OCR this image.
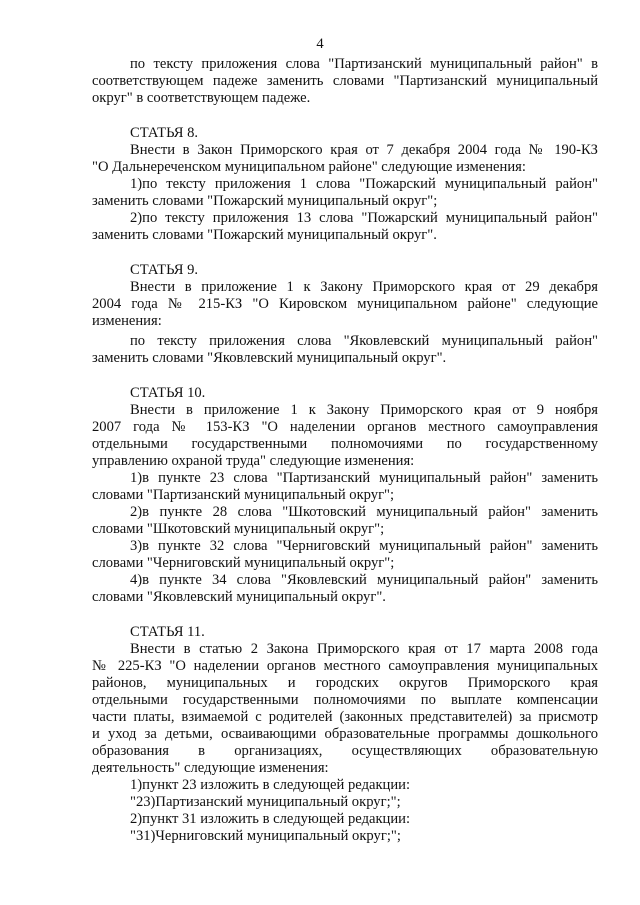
4

по тексту приложения слова "Партизанский муниципальный район" в

соответствующем падеже заменить словами "Партизанский муниципальный

округ" в соответствующем падеже.

СТАТЬЯ 8.

Внести в Закон Приморского края от 7 декабря 2004 года № 190-КЗ

"О Дальнереченском муниципальном районе" следующие изменения:

1)по тексту приложения 1 слова "Пожарский муниципальный район"

заменить словами "Пожарский муниципальный округ";

2)по тексту приложения 13 слова "Пожарский муниципальный район"

заменить словами "Пожарский муниципальный округ".

СТАТЬЯ 9.

Внести в приложение 1 к Закону Приморского края от 29 декабря

2004 года № 215-КЗ "О Кировском муниципальном районе" следующие

изменения:

по тексту приложения слова "Яковлевский муниципальный район"

заменить словами "Яковлевский муниципальный округ".

СТАТЬЯ 10.

Внести в приложение 1 к Закону Приморского края от 9 ноября

2007 года № 153-КЗ "О наделении органов местного самоуправления

отдельными государственными полномочиями по государственному

управлению охраной труда" следующие изменения:

1)в пункте 23 слова "Партизанский муниципальный район" заменить

словами "Партизанский муниципальный округ";

2)в пункте 28 слова "Шкотовский муниципальный район" заменить

словами "Шкотовский муниципальный округ";

3)в пункте 32 слова "Черниговский муниципальный район" заменить

словами "Черниговский муниципальный округ";

4)в пункте 34 слова "Яковлевский муниципальный район" заменить

словами "Яковлевский муниципальный округ".

СТАТЬЯ 11.

Внести в статью 2 Закона Приморского края от 17 марта 2008 года

№ 225-КЗ "О наделении органов местного самоуправления муниципальных

районов, муниципальных и городских округов Приморского края

отдельными государственными полномочиями по выплате компенсации

части платы, взимаемой с родителей (законных представителей) за присмотр

и уход за детьми, осваивающими образовательные программы дошкольного

образования в организациях, осуществляющих образовательную

деятельность" следующие изменения:

1)пункт 23 изложить в следующей редакции:

"23)Партизанский муниципальный округ;";

2)пункт 31 изложить в следующей редакции:

"31)Черниговский муниципальный округ;";
